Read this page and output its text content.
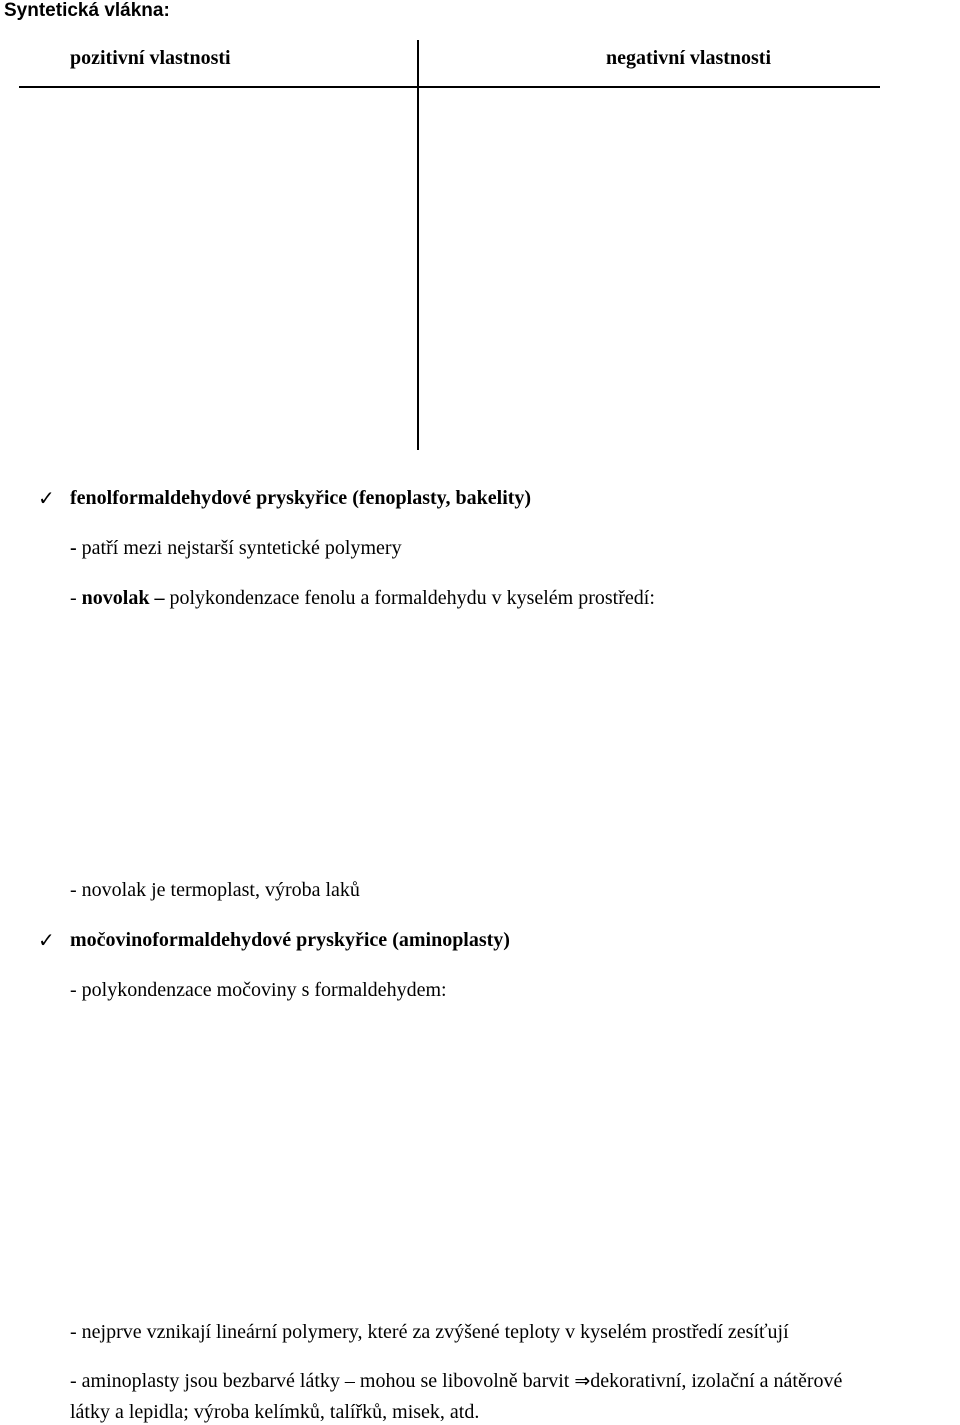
Syntetická vlákna:
pozitivní vlastnosti	negativní vlastnosti
✓ fenolformaldehydové pryskyřice (fenoplasty, bakelity)
- patří mezi nejstarší syntetické polymery
- novolak – polykondenzace fenolu a formaldehydu v kyselém prostředí:
- novolak je termoplast, výroba laků
✓ močovinoformaldehydové pryskyřice (aminoplasty)
- polykondenzace močoviny s formaldehydem:
- nejprve vznikají lineární polymery, které za zvýšené teploty v kyselém prostředí zesíťují
- aminoplasty jsou bezbarvé látky – mohou se libovolně barvit ⇒dekorativní, izolační a nátěrové
látky a lepidla; výroba kelímků, talířků, misek, atd.
